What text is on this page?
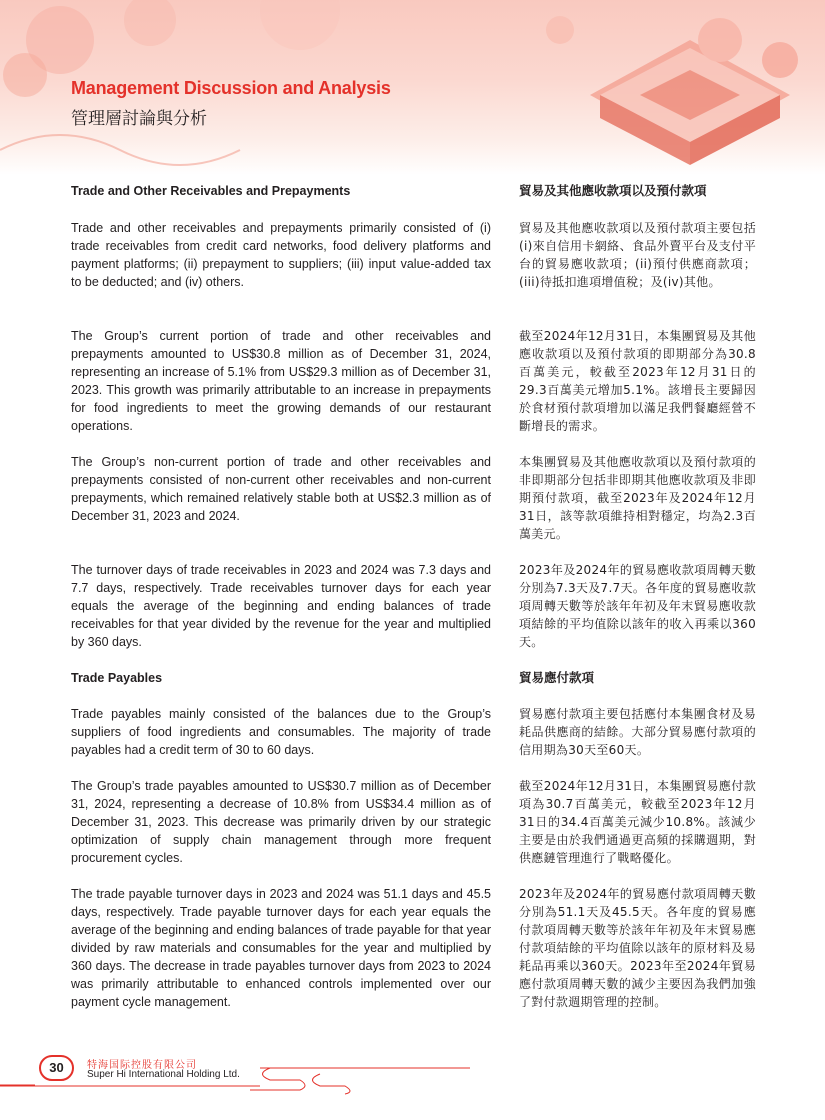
Management Discussion and Analysis
管理層討論與分析
Trade and Other Receivables and Prepayments
Trade and other receivables and prepayments primarily consisted of (i) trade receivables from credit card networks, food delivery platforms and payment platforms; (ii) prepayment to suppliers; (iii) input value-added tax to be deducted; and (iv) others.
The Group’s current portion of trade and other receivables and prepayments amounted to US$30.8 million as of December 31, 2024, representing an increase of 5.1% from US$29.3 million as of December 31, 2023. This growth was primarily attributable to an increase in prepayments for food ingredients to meet the growing demands of our restaurant operations.
The Group’s non-current portion of trade and other receivables and prepayments consisted of non-current other receivables and non-current prepayments, which remained relatively stable both at US$2.3 million as of December 31, 2023 and 2024.
The turnover days of trade receivables in 2023 and 2024 was 7.3 days and 7.7 days, respectively. Trade receivables turnover days for each year equals the average of the beginning and ending balances of trade receivables for that year divided by the revenue for the year and multiplied by 360 days.
Trade Payables
Trade payables mainly consisted of the balances due to the Group’s suppliers of food ingredients and consumables. The majority of trade payables had a credit term of 30 to 60 days.
The Group’s trade payables amounted to US$30.7 million as of December 31, 2024, representing a decrease of 10.8% from US$34.4 million as of December 31, 2023. This decrease was primarily driven by our strategic optimization of supply chain management through more frequent procurement cycles.
The trade payable turnover days in 2023 and 2024 was 51.1 days and 45.5 days, respectively. Trade payable turnover days for each year equals the average of the beginning and ending balances of trade payable for that year divided by raw materials and consumables for the year and multiplied by 360 days. The decrease in trade payables turnover days from 2023 to 2024 was primarily attributable to enhanced controls implemented over our payment cycle management.
貿易及其他應收款項以及預付款項
貿易及其他應收款項以及預付款項主要包括(i)來自信用卡網絡、食品外賣平台及支付平台的貿易應收款項；(ii)預付供應商款項；(iii)待抵扣進項增值稅；及(iv)其他。
截至2024年12月31日，本集團貿易及其他應收款項以及預付款項的即期部分為30.8百萬美元，較截至2023年12月31日的29.3百萬美元增加5.1%。該增長主要歸因於食材預付款項增加以滿足我們餐廳經營不斷增長的需求。
本集團貿易及其他應收款項以及預付款項的非即期部分包括非即期其他應收款項及非即期預付款項，截至2023年及2024年12月31日，該等款項維持相對穩定，均為2.3百萬美元。
2023年及2024年的貿易應收款項周轉天數分別為7.3天及7.7天。各年度的貿易應收款項周轉天數等於該年年初及年末貿易應收款項結餘的平均值除以該年的收入再乘以360天。
貿易應付款項
貿易應付款項主要包括應付本集團食材及易耗品供應商的結餘。大部分貿易應付款項的信用期為30天至60天。
截至2024年12月31日，本集團貿易應付款項為30.7百萬美元，較截至2023年12月31日的34.4百萬美元減少10.8%。該減少主要是由於我們通過更高頻的採購週期，對供應鏈管理進行了戰略優化。
2023年及2024年的貿易應付款項周轉天數分別為51.1天及45.5天。各年度的貿易應付款項周轉天數等於該年年初及年末貿易應付款項結餘的平均值除以該年的原材料及易耗品再乘以360天。2023年至2024年貿易應付款項周轉天數的減少主要因為我們加強了對付款週期管理的控制。
30	特海国际控股有限公司
Super Hi International Holding Ltd.
